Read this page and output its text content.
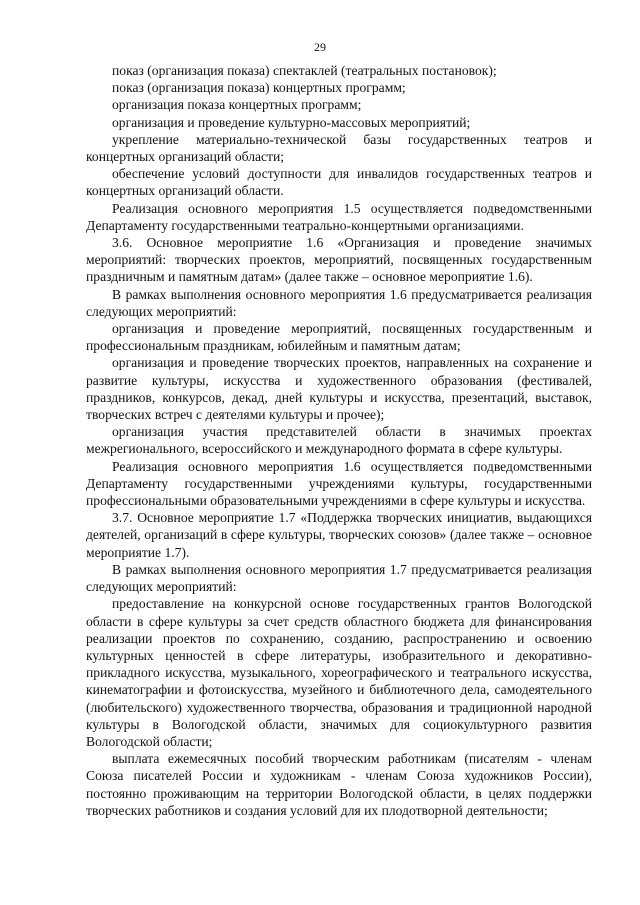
29

показ (организация показа) спектаклей (театральных постановок);

показ (организация показа) концертных программ;

организация показа концертных программ;

организация и проведение культурно-массовых мероприятий;

укрепление материально-технической базы государственных театров и концертных организаций области;

обеспечение условий доступности для инвалидов государственных театров и концертных организаций области.

Реализация основного мероприятия 1.5 осуществляется подведомственными Департаменту государственными театрально-концертными организациями.

3.6. Основное мероприятие 1.6 «Организация и проведение значимых мероприятий: творческих проектов, мероприятий, посвященных государственным праздничным и памятным датам» (далее также – основное мероприятие 1.6).

В рамках выполнения основного мероприятия 1.6 предусматривается реализация следующих мероприятий:

организация и проведение мероприятий, посвященных государственным и профессиональным праздникам, юбилейным и памятным датам;

организация и проведение творческих проектов, направленных на сохранение и развитие культуры, искусства и художественного образования (фестивалей, праздников, конкурсов, декад, дней культуры и искусства, презентаций, выставок, творческих встреч с деятелями культуры и прочее);

организация участия представителей области в значимых проектах межрегионального, всероссийского и международного формата в сфере культуры.

Реализация основного мероприятия 1.6 осуществляется подведомственными Департаменту государственными учреждениями культуры, государственными профессиональными образовательными учреждениями в сфере культуры и искусства.

3.7. Основное мероприятие 1.7 «Поддержка творческих инициатив, выдающихся деятелей, организаций в сфере культуры, творческих союзов» (далее также – основное мероприятие 1.7).

В рамках выполнения основного мероприятия 1.7 предусматривается реализация следующих мероприятий:

предоставление на конкурсной основе государственных грантов Вологодской области в сфере культуры за счет средств областного бюджета для финансирования реализации проектов по сохранению, созданию, распространению и освоению культурных ценностей в сфере литературы, изобразительного и декоративно-прикладного искусства, музыкального, хореографического и театрального искусства, кинематографии и фотоискусства, музейного и библиотечного дела, самодеятельного (любительского) художественного творчества, образования и традиционной народной культуры в Вологодской области, значимых для социокультурного развития Вологодской области;

выплата ежемесячных пособий творческим работникам (писателям - членам Союза писателей России и художникам - членам Союза художников России), постоянно проживающим на территории Вологодской области, в целях поддержки творческих работников и создания условий для их плодотворной деятельности;
